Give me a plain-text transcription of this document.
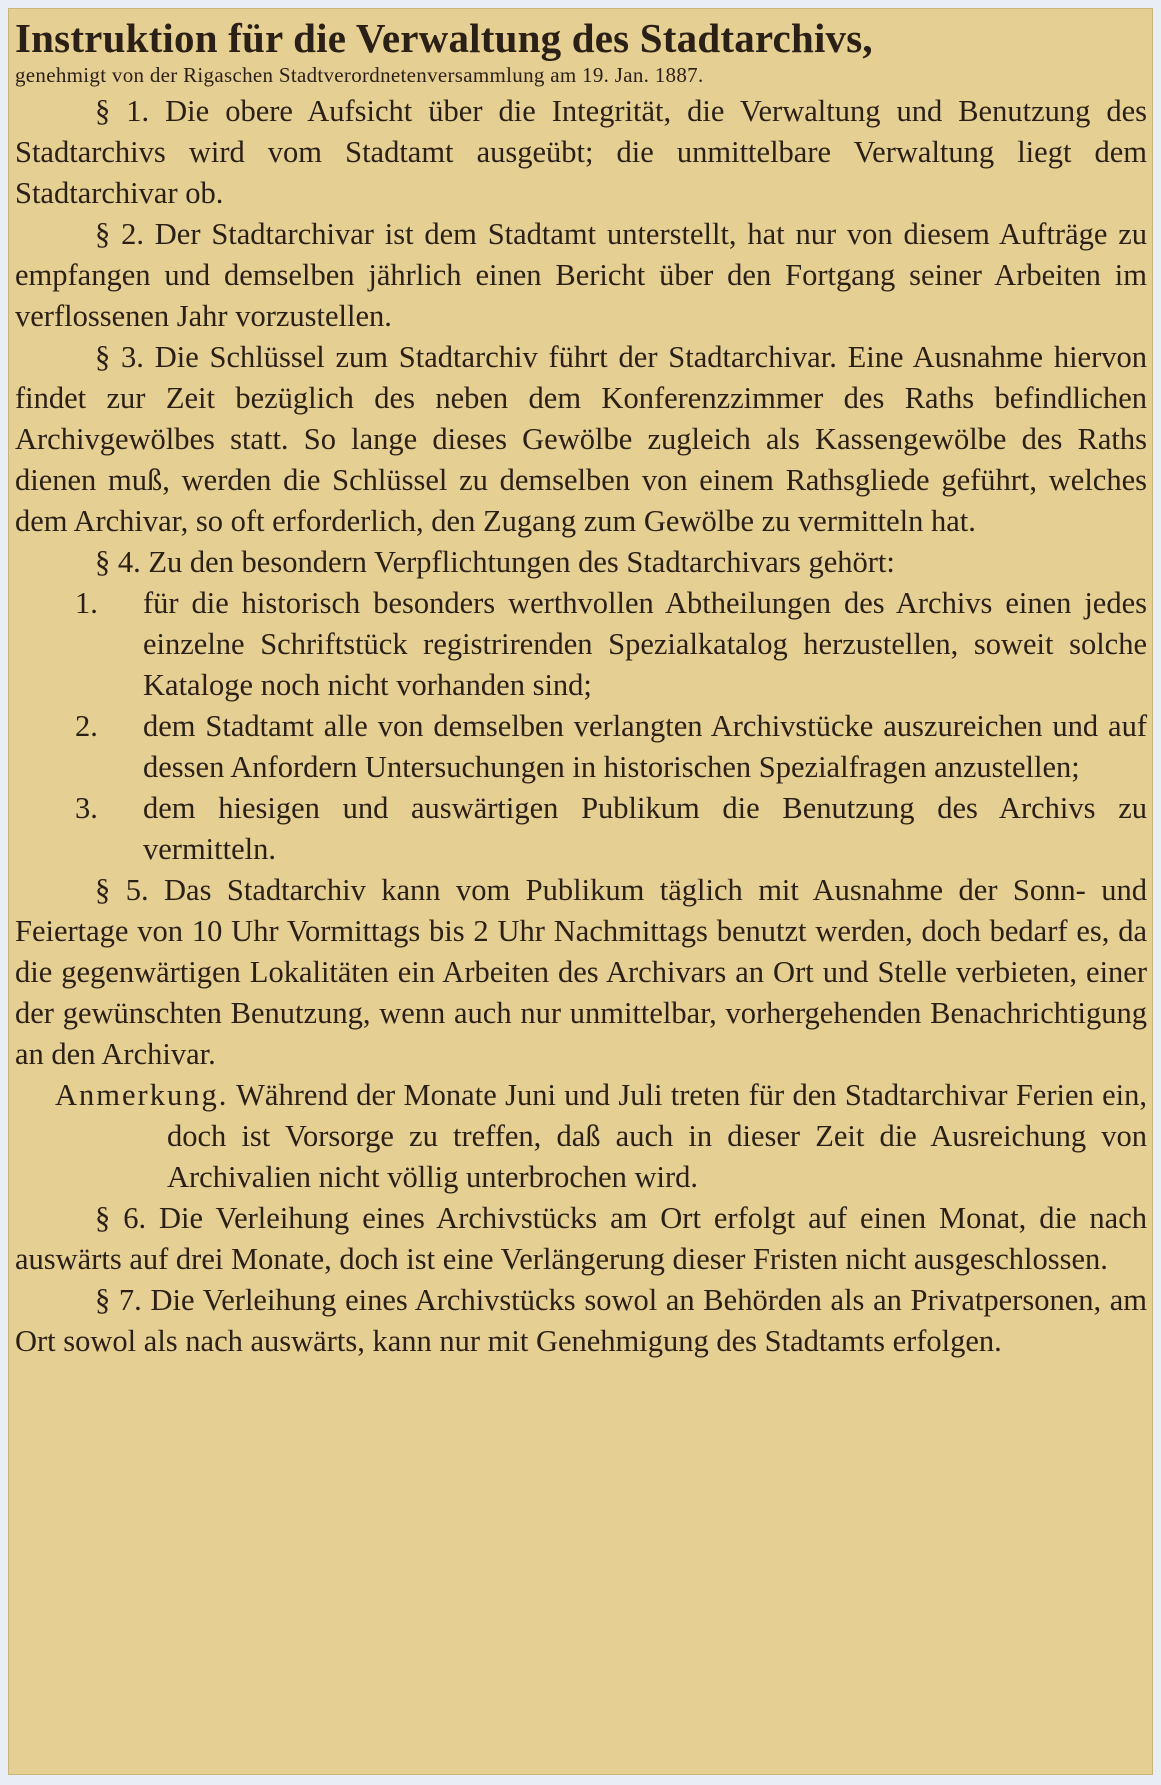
Instruktion für die Verwaltung des Stadtarchivs,
genehmigt von der Rigaschen Stadtverordnetenversammlung am 19. Jan. 1887.

§ 1. Die obere Aufsicht über die Integrität, die Verwaltung und Benutzung des Stadtarchivs wird vom Stadtamt ausgeübt; die unmittelbare Verwaltung liegt dem Stadtarchivar ob.

§ 2. Der Stadtarchivar ist dem Stadtamt unterstellt, hat nur von diesem Aufträge zu empfangen und demselben jährlich einen Bericht über den Fortgang seiner Arbeiten im verflossenen Jahr vorzustellen.

§ 3. Die Schlüssel zum Stadtarchiv führt der Stadtarchivar. Eine Ausnahme hiervon findet zur Zeit bezüglich des neben dem Konferenzzimmer des Raths befindlichen Archivgewölbes statt. So lange dieses Gewölbe zugleich als Kassengewölbe des Raths dienen muß, werden die Schlüssel zu demselben von einem Rathsgliede geführt, welches dem Archivar, so oft erforderlich, den Zugang zum Gewölbe zu vermitteln hat.

§ 4. Zu den besondern Verpflichtungen des Stadtarchivars gehört:

1. für die historisch besonders werthvollen Abtheilungen des Archivs einen jedes einzelne Schriftstück registrirenden Spezialkatalog herzustellen, soweit solche Kataloge noch nicht vorhanden sind;

2. dem Stadtamt alle von demselben verlangten Archivstücke auszureichen und auf dessen Anfordern Untersuchungen in historischen Spezialfragen anzustellen;

3. dem hiesigen und auswärtigen Publikum die Benutzung des Archivs zu vermitteln.

§ 5. Das Stadtarchiv kann vom Publikum täglich mit Ausnahme der Sonn- und Feiertage von 10 Uhr Vormittags bis 2 Uhr Nachmittags benutzt werden, doch bedarf es, da die gegenwärtigen Lokalitäten ein Arbeiten des Archivars an Ort und Stelle verbieten, einer der gewünschten Benutzung, wenn auch nur unmittelbar, vorhergehenden Benachrichtigung an den Archivar.

Anmerkung. Während der Monate Juni und Juli treten für den Stadtarchivar Ferien ein, doch ist Vorsorge zu treffen, daß auch in dieser Zeit die Ausreichung von Archivalien nicht völlig unterbrochen wird.

§ 6. Die Verleihung eines Archivstücks am Ort erfolgt auf einen Monat, die nach auswärts auf drei Monate, doch ist eine Verlängerung dieser Fristen nicht ausgeschlossen.

§ 7. Die Verleihung eines Archivstücks sowol an Behörden als an Privatpersonen, am Ort sowol als nach auswärts, kann nur mit Genehmigung des Stadtamts erfolgen.
